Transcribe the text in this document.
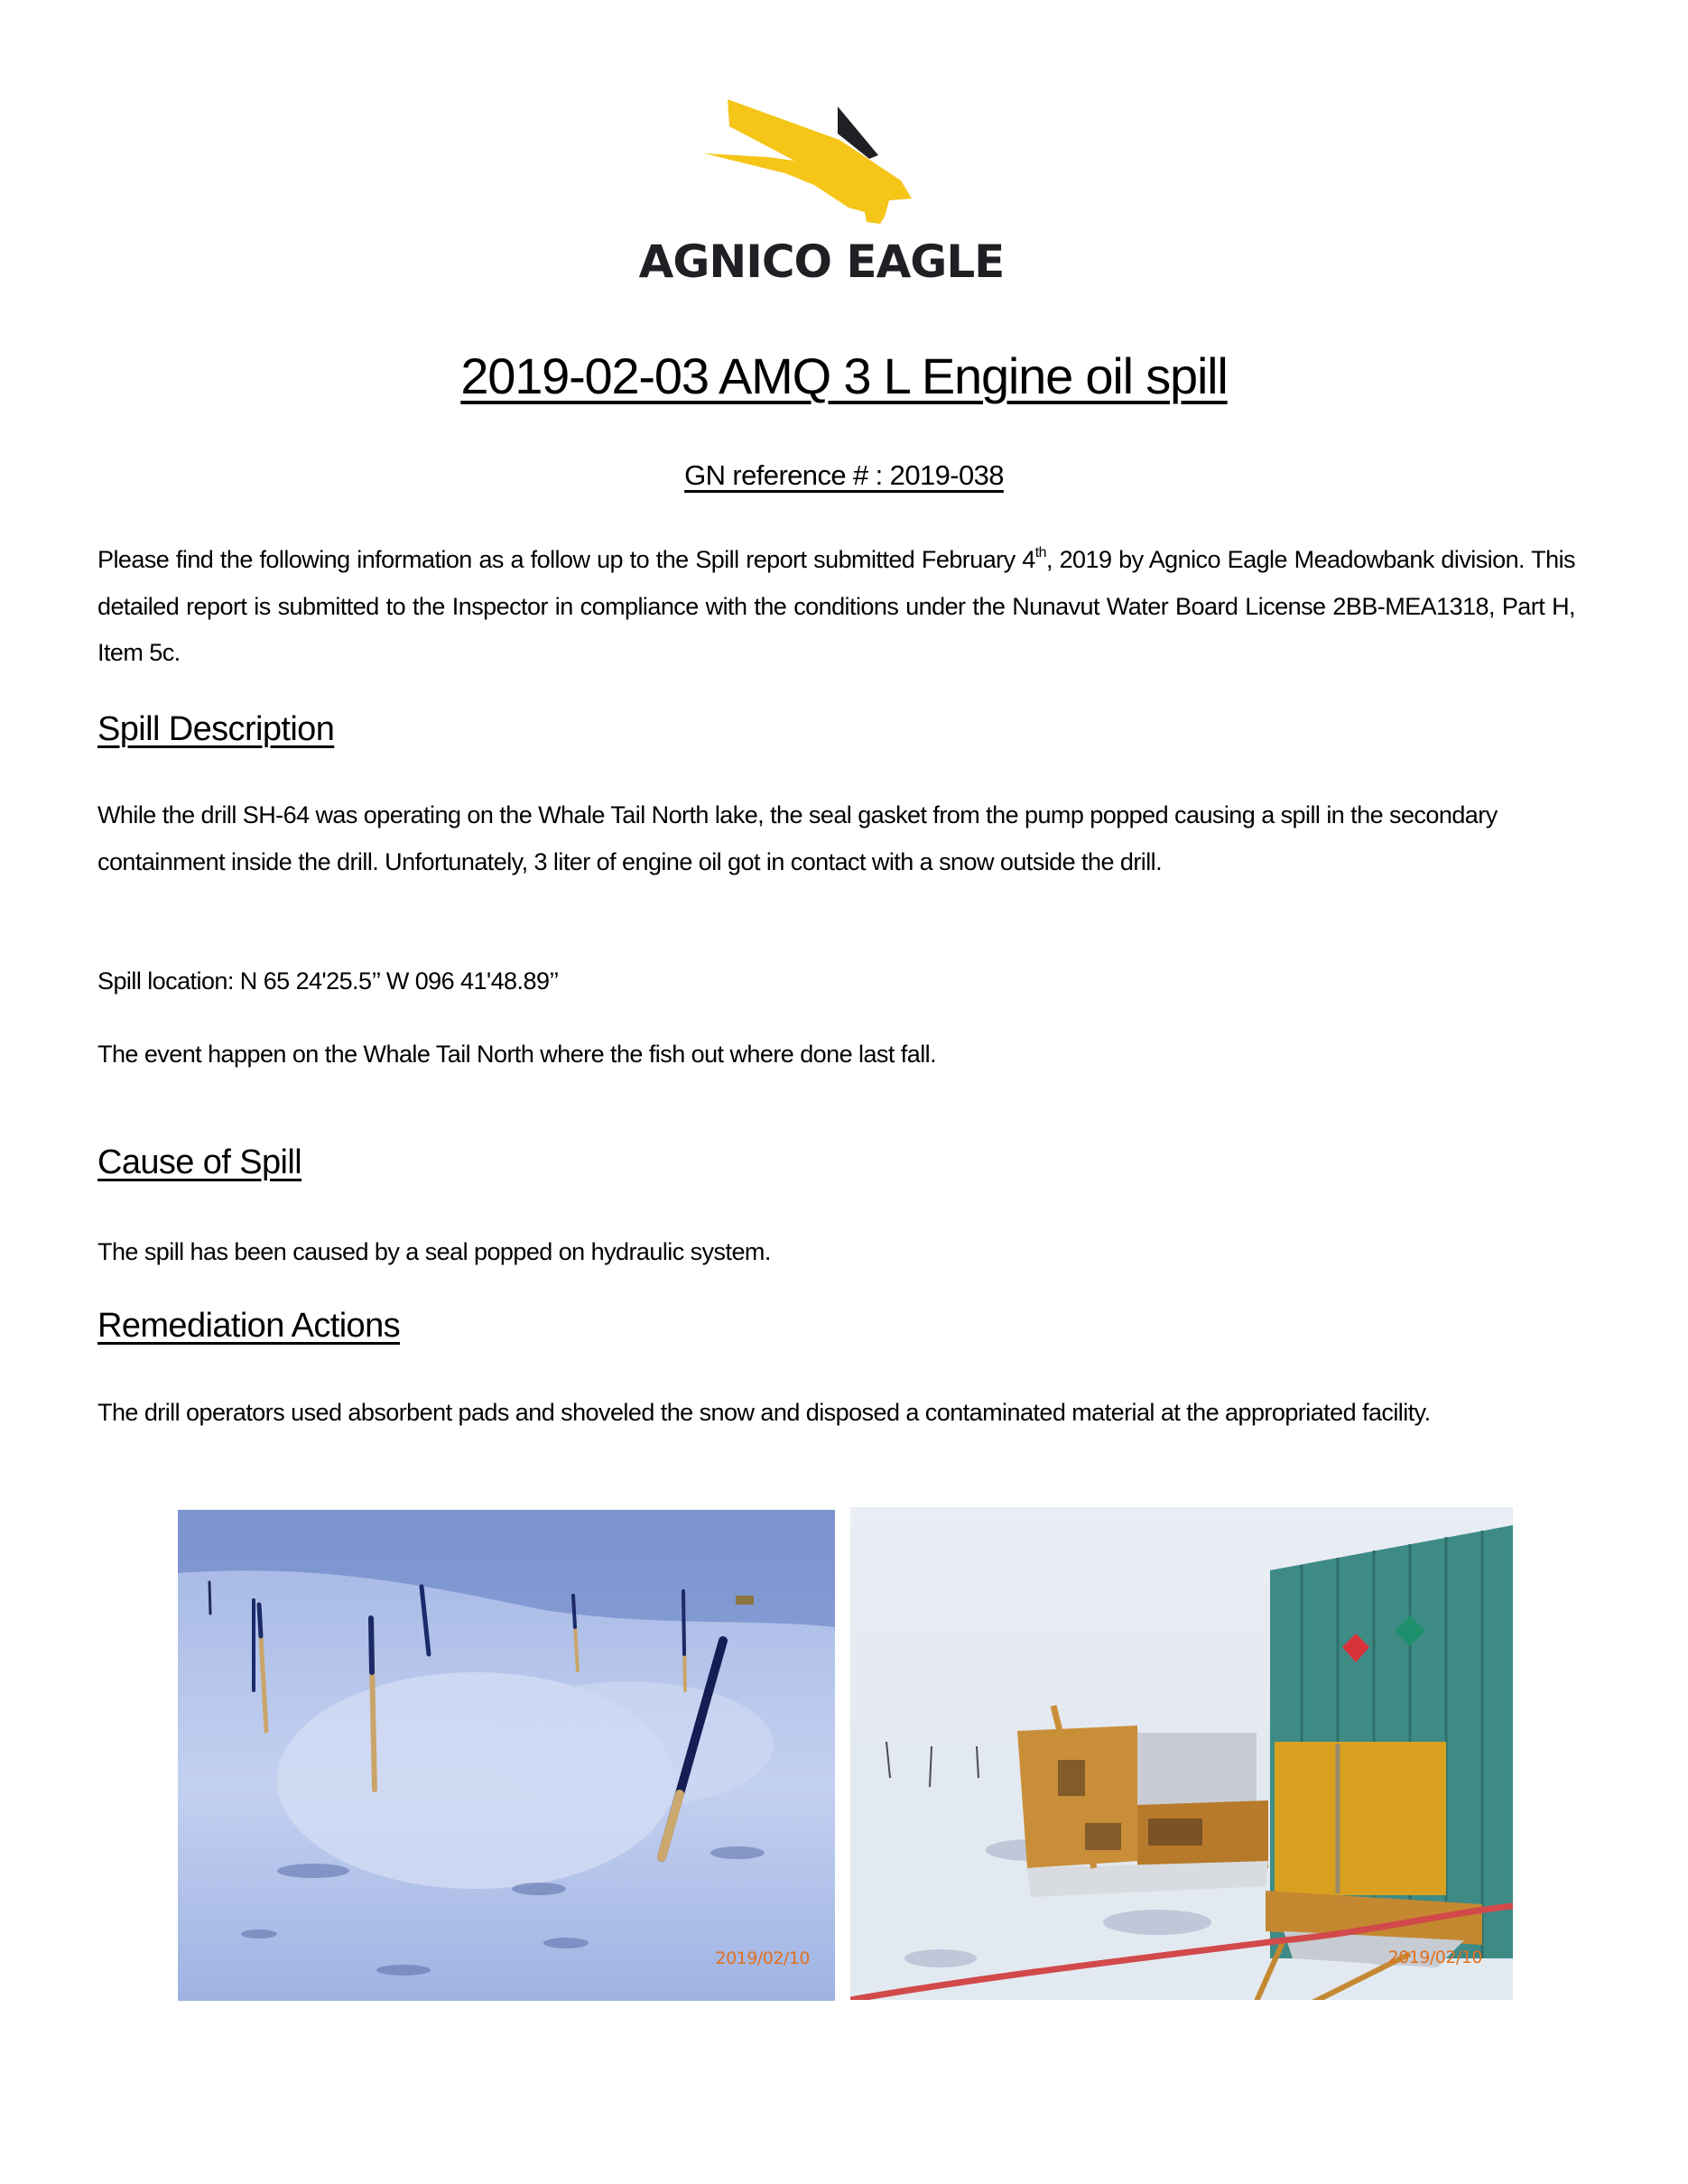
AGNICO EAGLE
2019-02-03 AMQ 3 L Engine oil spill
GN reference # : 2019-038
Please find the following information as a follow up to the Spill report submitted February 4th, 2019 by Agnico Eagle Meadowbank division. This detailed report is submitted to the Inspector in compliance with the conditions under the Nunavut Water Board License 2BB-MEA1318, Part H, Item 5c.
Spill Description
While the drill SH-64 was operating on the Whale Tail North lake, the seal gasket from the pump popped causing a spill in the secondary containment inside the drill. Unfortunately, 3 liter of engine oil got in contact with a snow outside the drill.
Spill location: N 65 24'25.5’’ W 096 41'48.89’’
The event happen on the Whale Tail North where the fish out where done last fall.
Cause of Spill
The spill has been caused by a seal popped on hydraulic system.
Remediation Actions
The drill operators used absorbent pads and shoveled the snow and disposed a contaminated material at the appropriated facility.
2019/02/10	2019/02/10
